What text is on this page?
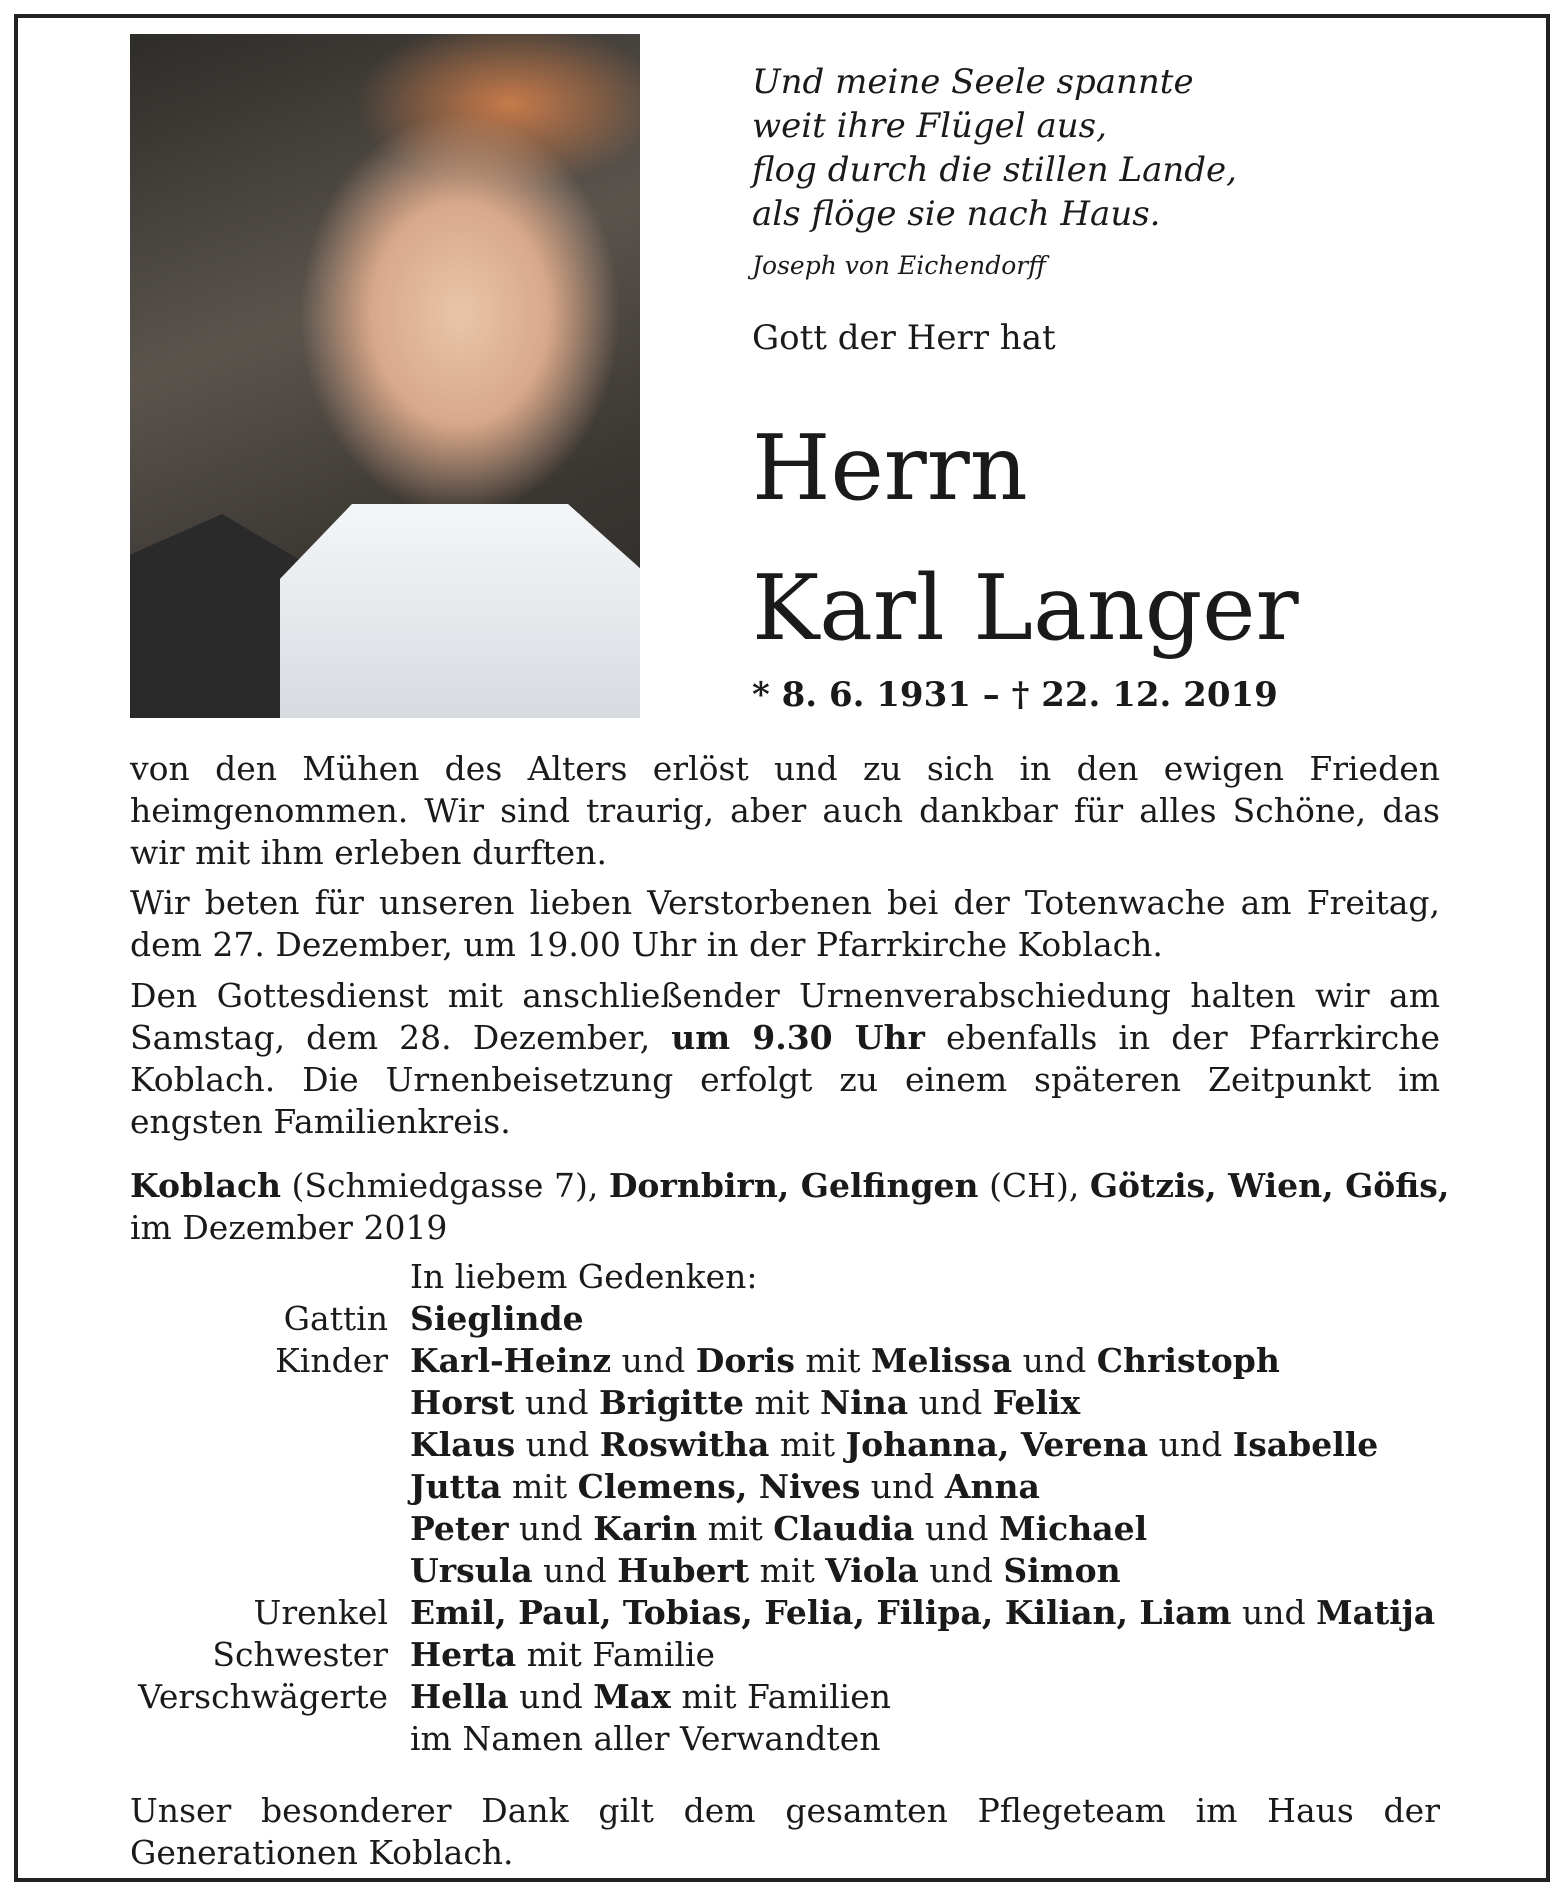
Und meine Seele spannte
weit ihre Flügel aus,
flog durch die stillen Lande,
als flöge sie nach Haus.
Joseph von Eichendorff
Gott der Herr hat
Herrn
Karl Langer
* 8. 6. 1931 – † 22. 12. 2019
von den Mühen des Alters erlöst und zu sich in den ewigen Frieden heimgenommen. Wir sind traurig, aber auch dankbar für alles Schöne, das wir mit ihm erleben durften.
Wir beten für unseren lieben Verstorbenen bei der Totenwache am Freitag, dem 27. Dezember, um 19.00 Uhr in der Pfarrkirche Koblach.
Den Gottesdienst mit anschließender Urnenverabschiedung halten wir am Samstag, dem 28. Dezember, um 9.30 Uhr ebenfalls in der Pfarrkirche Koblach. Die Urnenbeisetzung erfolgt zu einem späteren Zeitpunkt im engsten Familienkreis.
Koblach (Schmiedgasse 7), Dornbirn, Gelfingen (CH), Götzis, Wien, Göfis, im Dezember 2019
In liebem Gedenken:
Gattin Sieglinde
Kinder Karl-Heinz und Doris mit Melissa und Christoph
Horst und Brigitte mit Nina und Felix
Klaus und Roswitha mit Johanna, Verena und Isabelle
Jutta mit Clemens, Nives und Anna
Peter und Karin mit Claudia und Michael
Ursula und Hubert mit Viola und Simon
Urenkel Emil, Paul, Tobias, Felia, Filipa, Kilian, Liam und Matija
Schwester Herta mit Familie
Verschwägerte Hella und Max mit Familien
im Namen aller Verwandten
Unser besonderer Dank gilt dem gesamten Pflegeteam im Haus der Generationen Koblach.
